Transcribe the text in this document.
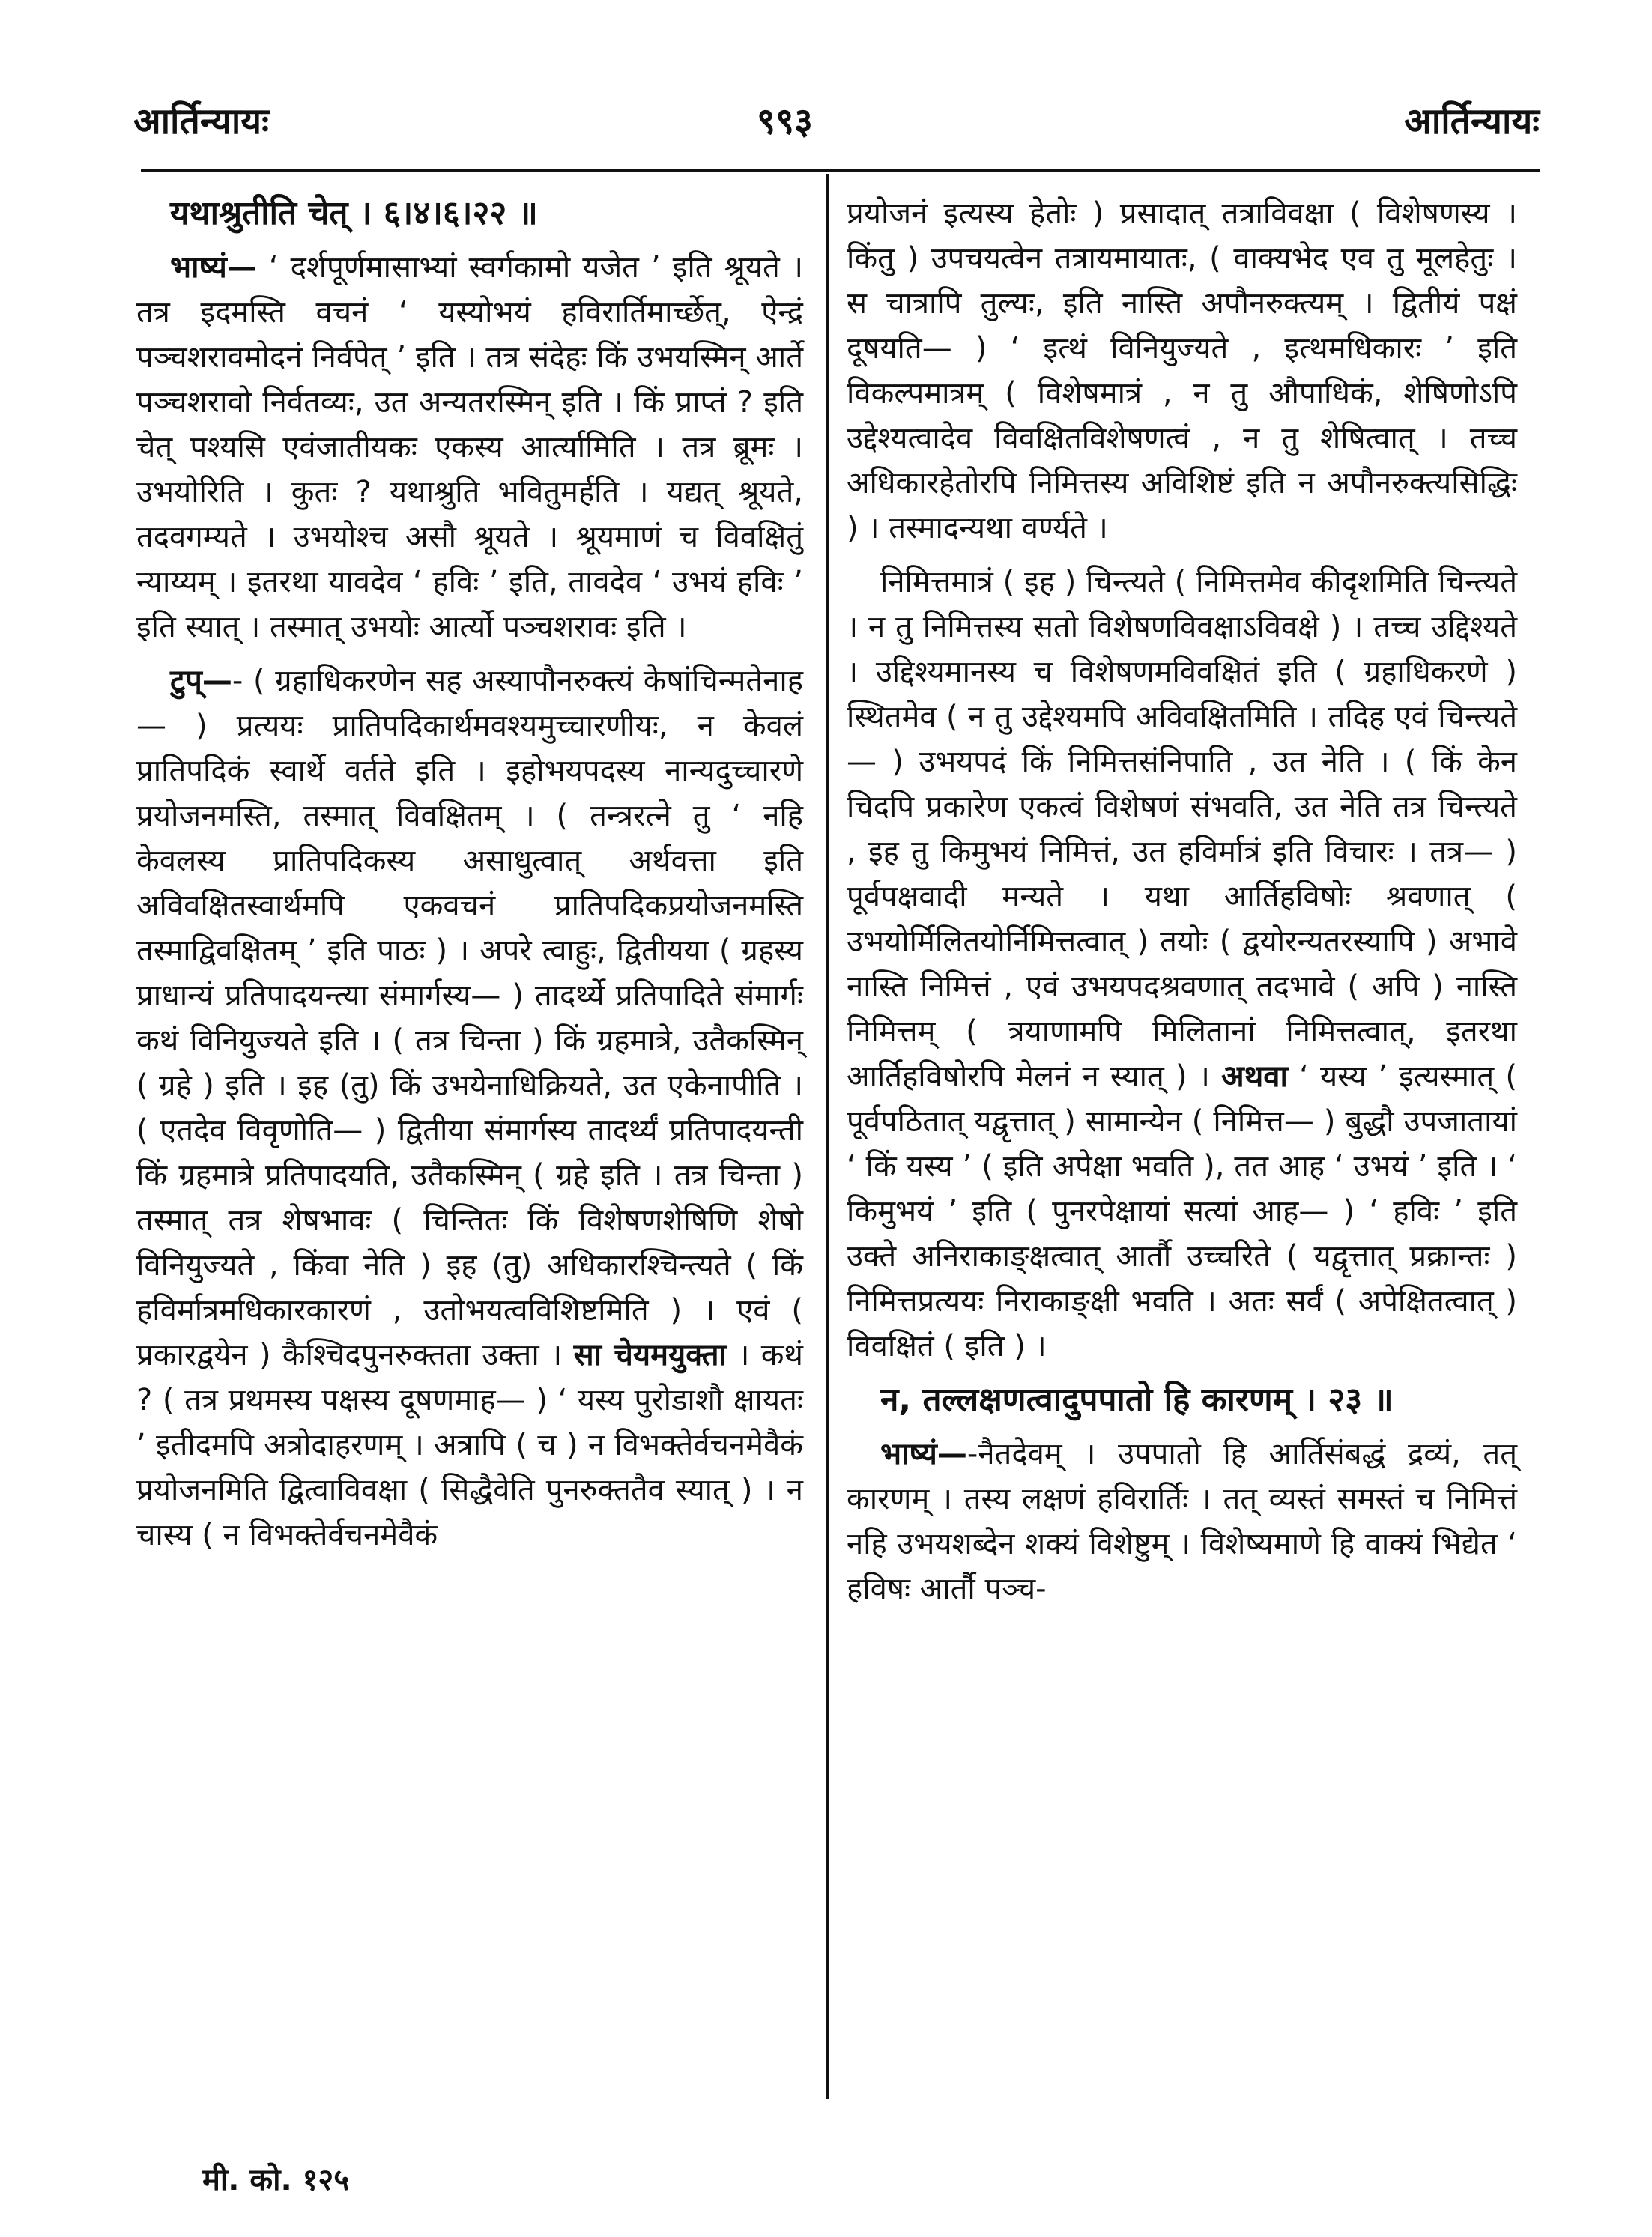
आर्तिन्यायः	९९३	आर्तिन्यायः

यथाश्रुतीति चेत् । ६।४।६।२२ ॥

भाष्यं— ‘ दर्शपूर्णमासाभ्यां स्वर्गकामो यजेत ’ इति श्रूयते । तत्र इदमस्ति वचनं ‘ यस्योभयं हविरार्तिमार्च्छेत्, ऐन्द्रं पञ्चशरावमोदनं निर्वपेत् ’ इति । तत्र संदेहः किं उभयस्मिन् आर्ते पञ्चशरावो निर्वतव्यः, उत अन्यतरस्मिन् इति । किं प्राप्तं ? इति चेत् पश्यसि एवंजातीयकः एकस्य आर्त्यामिति । तत्र ब्रूमः । उभयोरिति । कुतः ? यथाश्रुति भवितुमर्हति । यद्यत् श्रूयते, तदवगम्यते । उभयोश्च असौ श्रूयते । श्रूयमाणं च विवक्षितुं न्याय्यम् । इतरथा यावदेव ‘ हविः ’ इति, तावदेव ‘ उभयं हविः ’ इति स्यात् । तस्मात् उभयोः आर्त्यो पञ्चशरावः इति ।

टुप्—- ( ग्रहाधिकरणेन सह अस्यापौनरुक्त्यं केषांचिन्मतेनाह— ) प्रत्ययः प्रातिपदिकार्थमवश्यमुच्चारणीयः, न केवलं प्रातिपदिकं स्वार्थे वर्तते इति । इहोभयपदस्य नान्यदुच्चारणे प्रयोजनमस्ति, तस्मात् विवक्षितम् । ( तन्त्ररत्ने तु ‘ नहि केवलस्य प्रातिपदिकस्य असाधुत्वात् अर्थवत्ता इति अविवक्षितस्वार्थमपि एकवचनं प्रातिपदिकप्रयोजनमस्ति तस्माद्विवक्षितम् ’ इति पाठः ) । अपरे त्वाहुः, द्वितीयया ( ग्रहस्य प्राधान्यं प्रतिपादयन्त्या संमार्गस्य— ) तादर्थ्ये प्रतिपादिते संमार्गः कथं विनियुज्यते इति । ( तत्र चिन्ता ) किं ग्रहमात्रे, उतैकस्मिन् ( ग्रहे ) इति । इह (तु) किं उभयेनाधिक्रियते, उत एकेनापीति । ( एतदेव विवृणोति— ) द्वितीया संमार्गस्य तादर्थ्यं प्रतिपादयन्ती किं ग्रहमात्रे प्रतिपादयति, उतैकस्मिन् ( ग्रहे इति । तत्र चिन्ता ) तस्मात् तत्र शेषभावः ( चिन्तितः किं विशेषणशेषिणि शेषो विनियुज्यते , किंवा नेति ) इह (तु) अधिकारश्चिन्त्यते ( किं हविर्मात्रमधिकारकारणं , उतोभयत्वविशिष्टमिति ) । एवं ( प्रकारद्वयेन ) कैश्चिदपुनरुक्तता उक्ता । सा चेयमयुक्ता । कथं ? ( तत्र प्रथमस्य पक्षस्य दूषणमाह— ) ‘ यस्य पुरोडाशौ क्षायतः ’ इतीदमपि अत्रोदाहरणम् । अत्रापि ( च ) न विभक्तेर्वचनमेवैकं प्रयोजनमिति द्वित्वाविवक्षा ( सिद्धैवेति पुनरुक्ततैव स्यात् ) । न चास्य ( न विभक्तेर्वचनमेवैकं

प्रयोजनं इत्यस्य हेतोः ) प्रसादात् तत्राविवक्षा ( विशेषणस्य । किंतु ) उपचयत्वेन तत्रायमायातः, ( वाक्यभेद एव तु मूलहेतुः । स चात्रापि तुल्यः, इति नास्ति अपौनरुक्त्यम् । द्वितीयं पक्षं दूषयति— ) ‘ इत्थं विनियुज्यते , इत्थमधिकारः ’ इति विकल्पमात्रम् ( विशेषमात्रं , न तु औपाधिकं, शेषिणोऽपि उद्देश्यत्वादेव विवक्षितविशेषणत्वं , न तु शेषित्वात् । तच्च अधिकारहेतोरपि निमित्तस्य अविशिष्टं इति न अपौनरुक्त्यसिद्धिः ) । तस्मादन्यथा वर्ण्यते ।

निमित्तमात्रं ( इह ) चिन्त्यते ( निमित्तमेव कीदृशमिति चिन्त्यते । न तु निमित्तस्य सतो विशेषणविवक्षाऽविवक्षे ) । तच्च उद्दिश्यते । उद्दिश्यमानस्य च विशेषणमविवक्षितं इति ( ग्रहाधिकरणे ) स्थितमेव ( न तु उद्देश्यमपि अविवक्षितमिति । तदिह एवं चिन्त्यते— ) उभयपदं किं निमित्तसंनिपाति , उत नेति । ( किं केन चिदपि प्रकारेण एकत्वं विशेषणं संभवति, उत नेति तत्र चिन्त्यते , इह तु किमुभयं निमित्तं, उत हविर्मात्रं इति विचारः । तत्र— ) पूर्वपक्षवादी मन्यते । यथा आर्तिहविषोः श्रवणात् ( उभयोर्मिलितयोर्निमित्तत्वात् ) तयोः ( द्वयोरन्यतरस्यापि ) अभावे नास्ति निमित्तं , एवं उभयपदश्रवणात् तदभावे ( अपि ) नास्ति निमित्तम् ( त्रयाणामपि मिलितानां निमित्तत्वात्, इतरथा आर्तिहविषोरपि मेलनं न स्यात् ) । अथवा ‘ यस्य ’ इत्यस्मात् ( पूर्वपठितात् यद्वृत्तात् ) सामान्येन ( निमित्त— ) बुद्धौ उपजातायां ‘ किं यस्य ’ ( इति अपेक्षा भवति ), तत आह ‘ उभयं ’ इति । ‘ किमुभयं ’ इति ( पुनरपेक्षायां सत्यां आह— ) ‘ हविः ’ इति उक्ते अनिराकाङ्क्षत्वात् आर्तौ उच्चरिते ( यद्वृत्तात् प्रक्रान्तः ) निमित्तप्रत्ययः निराकाङ्क्षी भवति । अतः सर्वं ( अपेक्षितत्वात् ) विवक्षितं ( इति ) ।

न, तल्लक्षणत्वादुपपातो हि कारणम् । २३ ॥

भाष्यं—-नैतदेवम् । उपपातो हि आर्तिसंबद्धं द्रव्यं, तत् कारणम् । तस्य लक्षणं हविरार्तिः । तत् व्यस्तं समस्तं च निमित्तं नहि उभयशब्देन शक्यं विशेष्टुम् । विशेष्यमाणे हि वाक्यं भिद्येत ‘ हविषः आर्तौ पञ्च-

मी. को. १२५
